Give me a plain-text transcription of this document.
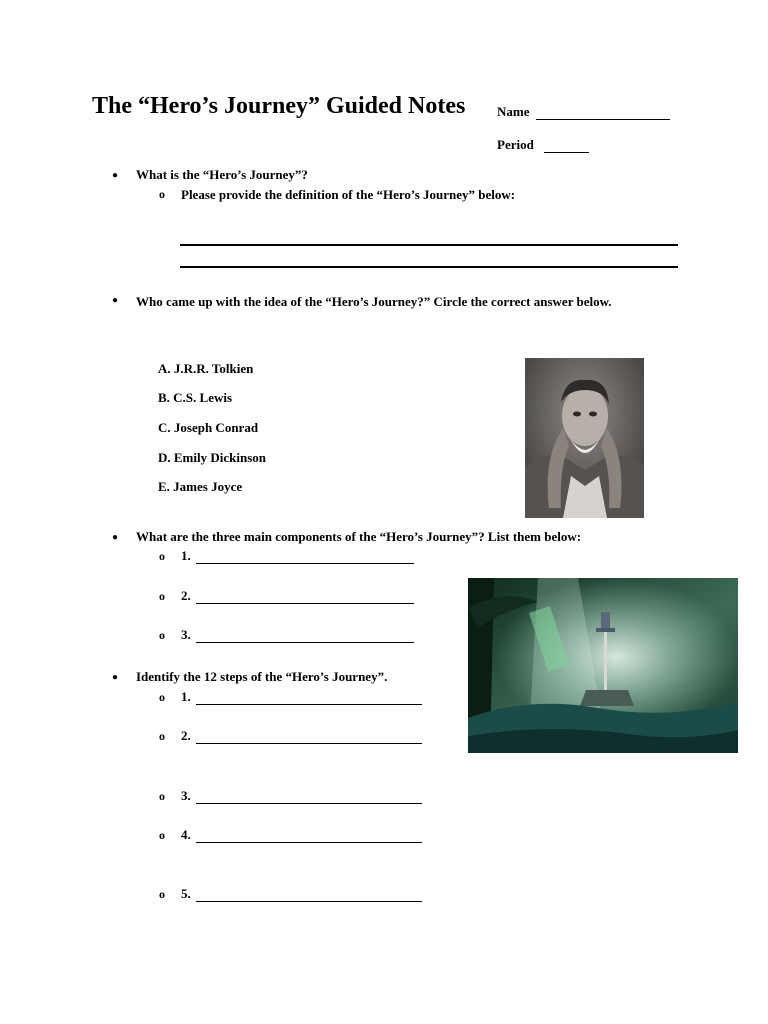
The “Hero’s Journey” Guided Notes Name
Period
● What is the “Hero’s Journey”?
o Please provide the definition of the “Hero’s Journey” below:
● Who came up with the idea of the “Hero’s Journey?” Circle the correct answer below.
A. J.R.R. Tolkien
B. C.S. Lewis
C. Joseph Conrad
D. Emily Dickinson
E. James Joyce
● What are the three main components of the “Hero’s Journey”? List them below:
o 1.
o 2.
o 3.
● Identify the 12 steps of the “Hero’s Journey”.
o 1.
o 2.
o 3.
o 4.
o 5.
